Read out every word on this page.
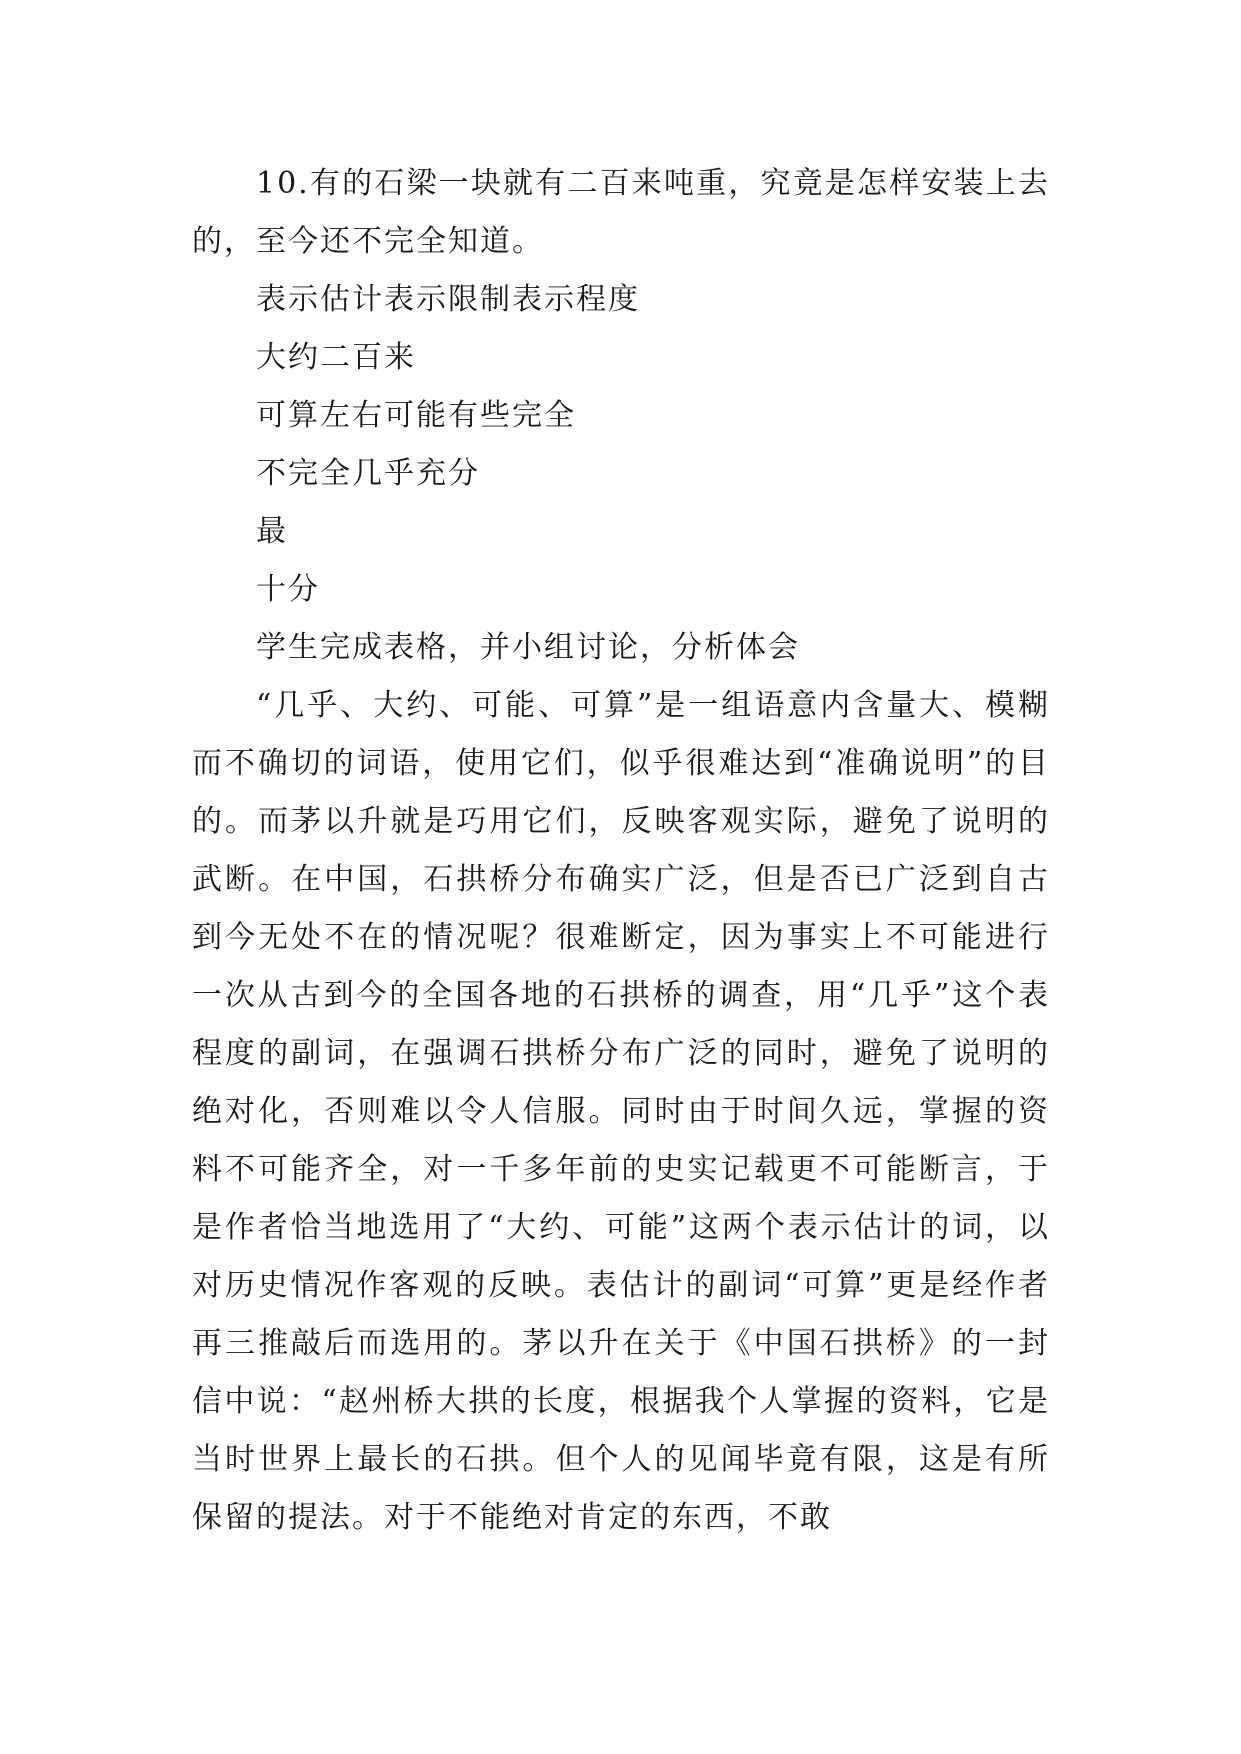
10.有的石梁一块就有二百来吨重，究竟是怎样安装上去的，至今还不完全知道。

表示估计表示限制表示程度

大约二百来

可算左右可能有些完全

不完全几乎充分

最

十分

学生完成表格，并小组讨论，分析体会

“几乎、大约、可能、可算”是一组语意内含量大、模糊而不确切的词语，使用它们，似乎很难达到“准确说明”的目的。而茅以升就是巧用它们，反映客观实际，避免了说明的武断。在中国，石拱桥分布确实广泛，但是否已广泛到自古到今无处不在的情况呢？很难断定，因为事实上不可能进行一次从古到今的全国各地的石拱桥的调查，用“几乎”这个表程度的副词，在强调石拱桥分布广泛的同时，避免了说明的绝对化，否则难以令人信服。同时由于时间久远，掌握的资料不可能齐全，对一千多年前的史实记载更不可能断言，于是作者恰当地选用了“大约、可能”这两个表示估计的词，以对历史情况作客观的反映。表估计的副词“可算”更是经作者再三推敲后而选用的。茅以升在关于《中国石拱桥》的一封信中说：“赵州桥大拱的长度，根据我个人掌握的资料，它是当时世界上最长的石拱。但个人的见闻毕竟有限，这是有所保留的提法。对于不能绝对肯定的东西，不敢
